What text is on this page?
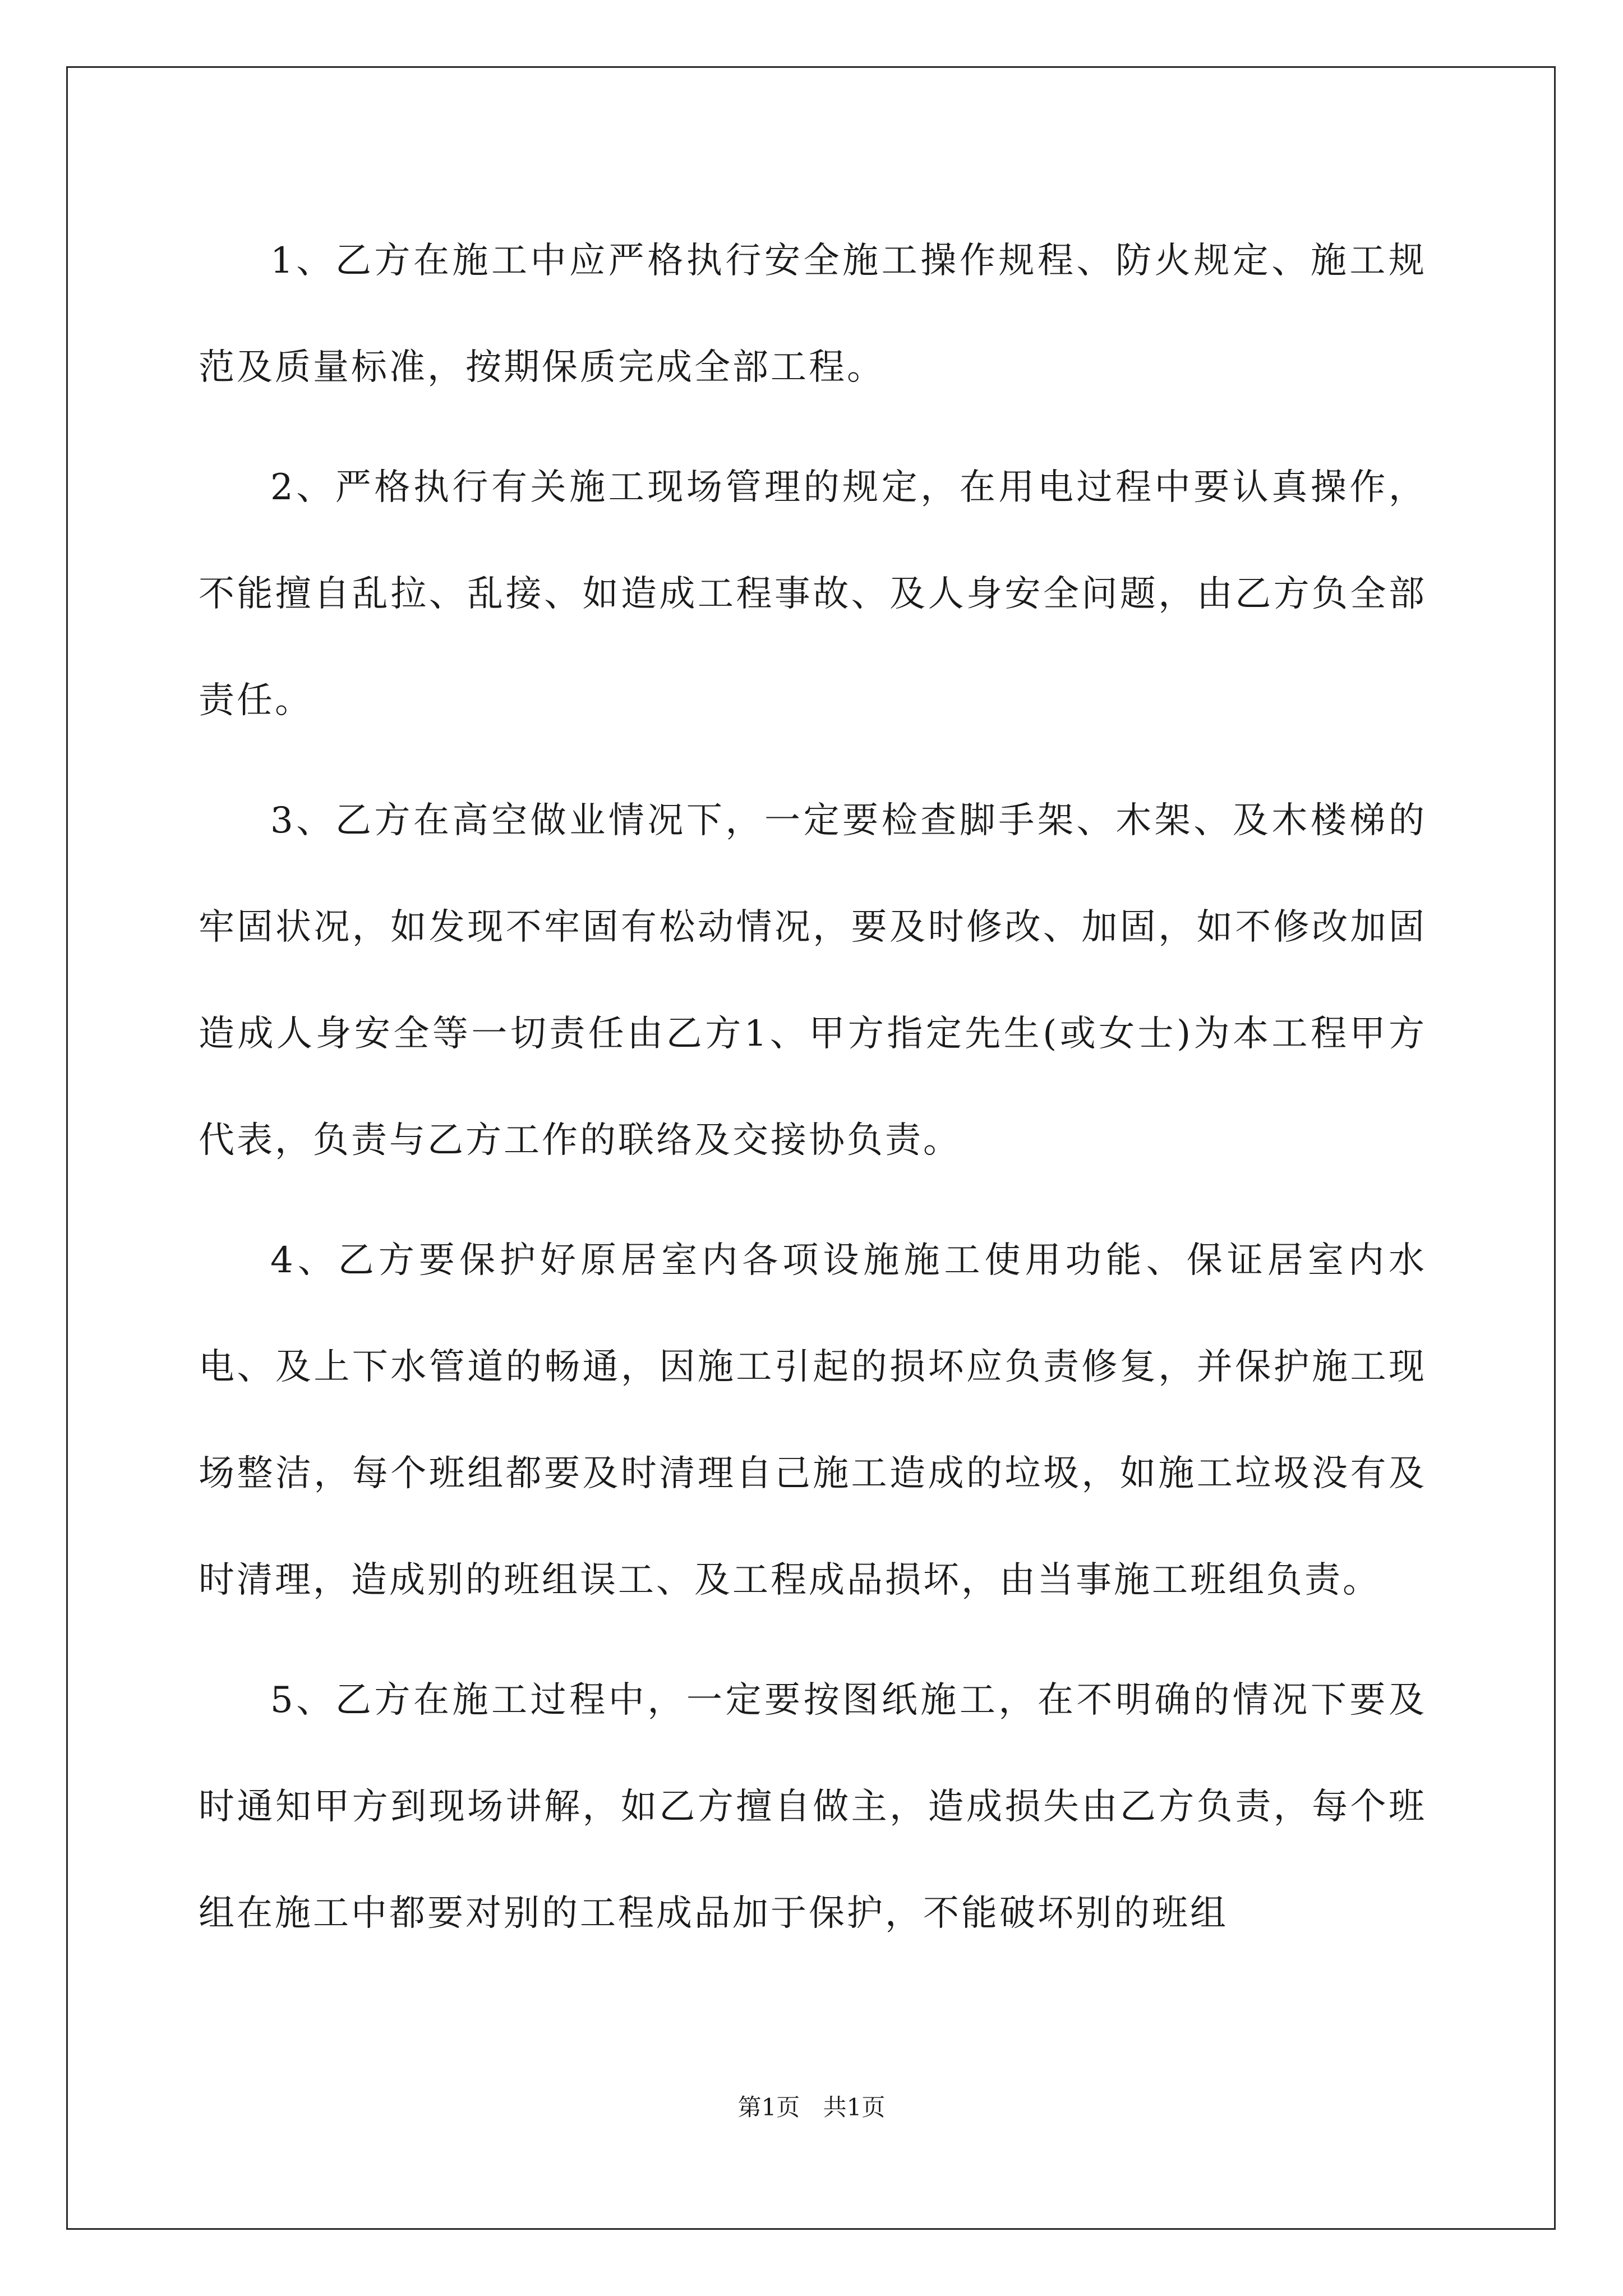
1、乙方在施工中应严格执行安全施工操作规程、防火规定、施工规范及质量标准，按期保质完成全部工程。

2、严格执行有关施工现场管理的规定，在用电过程中要认真操作，不能擅自乱拉、乱接、如造成工程事故、及人身安全问题，由乙方负全部责任。

3、乙方在高空做业情况下，一定要检查脚手架、木架、及木楼梯的牢固状况，如发现不牢固有松动情况，要及时修改、加固，如不修改加固造成人身安全等一切责任由乙方1、甲方指定先生(或女士)为本工程甲方代表，负责与乙方工作的联络及交接协负责。

4、乙方要保护好原居室内各项设施施工使用功能、保证居室内水电、及上下水管道的畅通，因施工引起的损坏应负责修复，并保护施工现场整洁，每个班组都要及时清理自己施工造成的垃圾，如施工垃圾没有及时清理，造成别的班组误工、及工程成品损坏，由当事施工班组负责。

5、乙方在施工过程中，一定要按图纸施工，在不明确的情况下要及时通知甲方到现场讲解，如乙方擅自做主，造成损失由乙方负责，每个班组在施工中都要对别的工程成品加于保护，不能破坏别的班组

第1页 共1页
